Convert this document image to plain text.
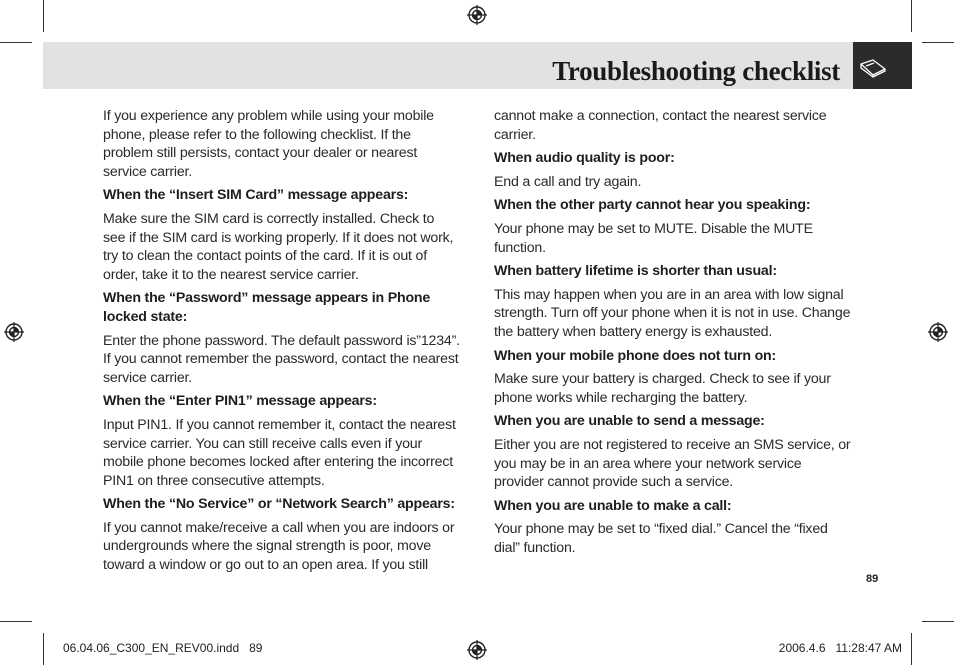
Troubleshooting checklist

If you experience any problem while using your mobile phone, please refer to the following checklist. If the problem still persists, contact your dealer or nearest service carrier.

When the “Insert SIM Card” message appears:

Make sure the SIM card is correctly installed. Check to see if the SIM card is working properly. If it does not work, try to clean the contact points of the card. If it is out of order, take it to the nearest service carrier.

When the “Password” message appears in Phone locked state:

Enter the phone password. The default password is”1234”. If you cannot remember the password, contact the nearest service carrier.

When the “Enter PIN1” message appears:

Input PIN1. If you cannot remember it, contact the nearest service carrier. You can still receive calls even if your mobile phone becomes locked after entering the incorrect PIN1 on three consecutive attempts.

When the “No Service” or “Network Search” appears:

If you cannot make/receive a call when you are indoors or undergrounds where the signal strength is poor, move toward a window or go out to an open area. If you still

cannot make a connection, contact the nearest service carrier.

When audio quality is poor:

End a call and try again.

When the other party cannot hear you speaking:

Your phone may be set to MUTE. Disable the MUTE function.

When battery lifetime is shorter than usual:

This may happen when you are in an area with low signal strength. Turn off your phone when it is not in use. Change the battery when battery energy is exhausted.

When your mobile phone does not turn on:

Make sure your battery is charged. Check to see if your phone works while recharging the battery.

When you are unable to send a message:

Either you are not registered to receive an SMS service, or you may be in an area where your network service provider cannot provide such a service.

When you are unable to make a call:

Your phone may be set to “fixed dial.” Cancel the “fixed dial” function.

89
06.04.06_C300_EN_REV00.indd   89	2006.4.6   11:28:47 AM
